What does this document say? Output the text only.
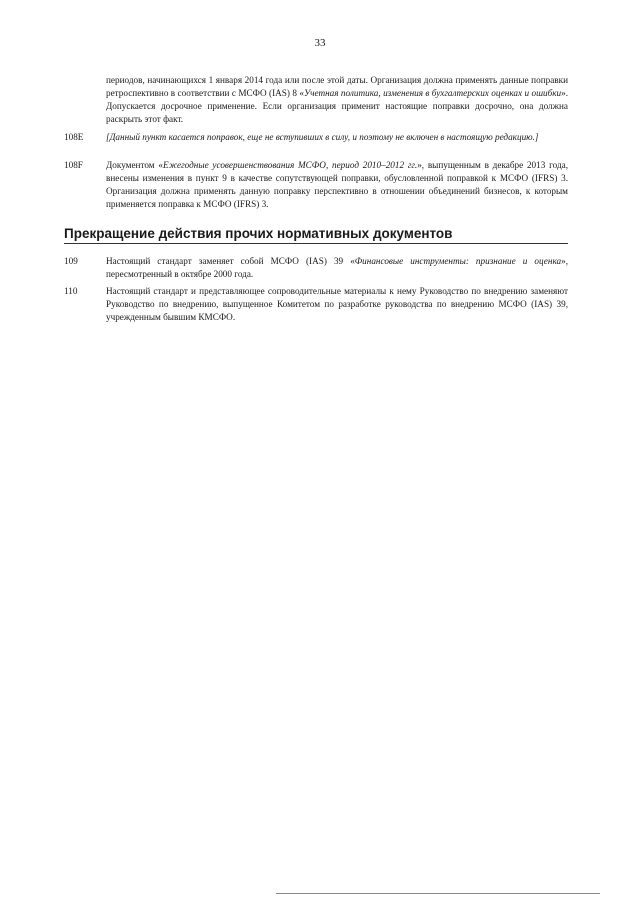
33
периодов, начинающихся 1 января 2014 года или после этой даты. Организация должна применять данные поправки ретроспективно в соответствии с МСФО (IAS) 8 «Учетная политика, изменения в бухгалтерских оценках и ошибки». Допускается досрочное применение. Если организация применит настоящие поправки досрочно, она должна раскрыть этот факт.
108E	[Данный пункт касается поправок, еще не вступивших в силу, и поэтому не включен в настоящую редакцию.]
108F	Документом «Ежегодные усовершенствования МСФО, период 2010–2012 гг.», выпущенным в декабре 2013 года, внесены изменения в пункт 9 в качестве сопутствующей поправки, обусловленной поправкой к МСФО (IFRS) 3. Организация должна применять данную поправку перспективно в отношении объединений бизнесов, к которым применяется поправка к МСФО (IFRS) 3.
Прекращение действия прочих нормативных документов
109	Настоящий стандарт заменяет собой МСФО (IAS) 39 «Финансовые инструменты: признание и оценка», пересмотренный в октябре 2000 года.
110	Настоящий стандарт и представляющее сопроводительные материалы к нему Руководство по внедрению заменяют Руководство по внедрению, выпущенное Комитетом по разработке руководства по внедрению МСФО (IAS) 39, учрежденным бывшим КМСФО.
